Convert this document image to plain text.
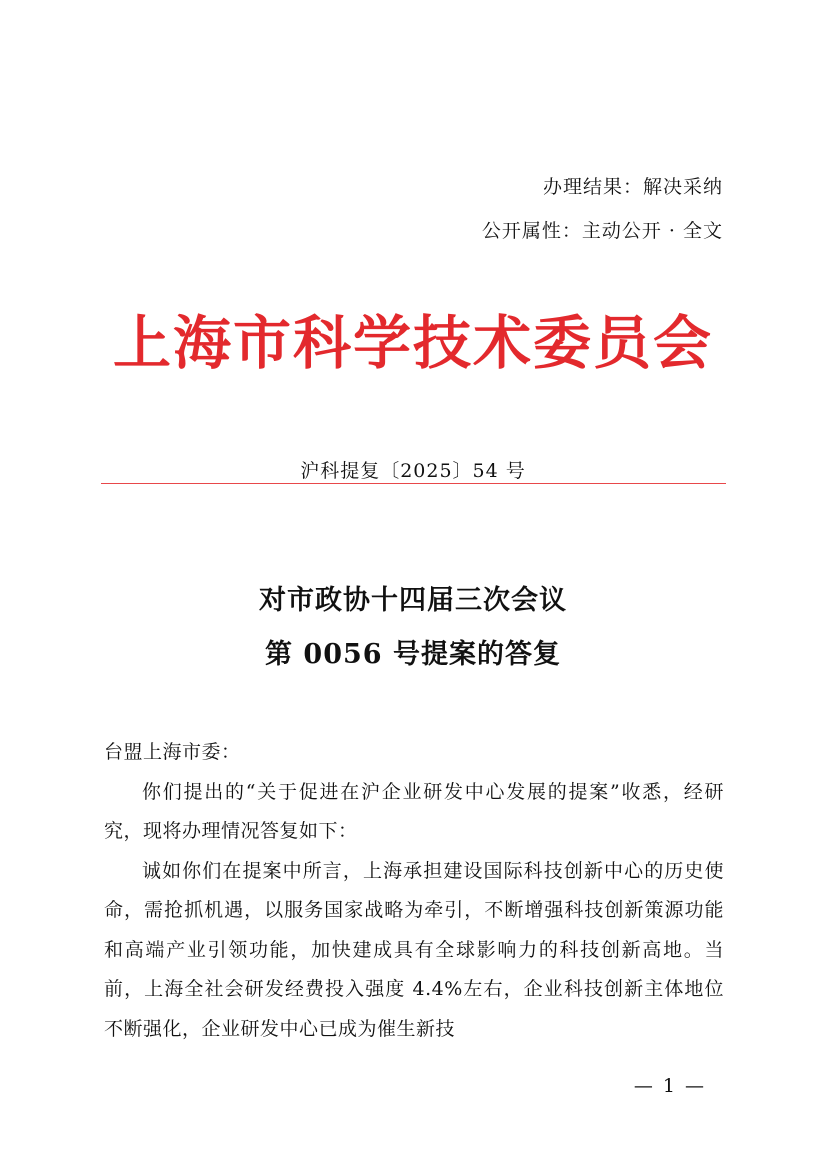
办理结果：解决采纳
公开属性：主动公开 · 全文
上海市科学技术委员会
沪科提复〔2025〕54 号
对市政协十四届三次会议
第 0056 号提案的答复

台盟上海市委：

你们提出的“关于促进在沪企业研发中心发展的提案”收悉，经研究，现将办理情况答复如下：

诚如你们在提案中所言，上海承担建设国际科技创新中心的历史使命，需抢抓机遇，以服务国家战略为牵引，不断增强科技创新策源功能和高端产业引领功能，加快建成具有全球影响力的科技创新高地。当前，上海全社会研发经费投入强度 4.4%左右，企业科技创新主体地位不断强化，企业研发中心已成为催生新技

— 1 —
